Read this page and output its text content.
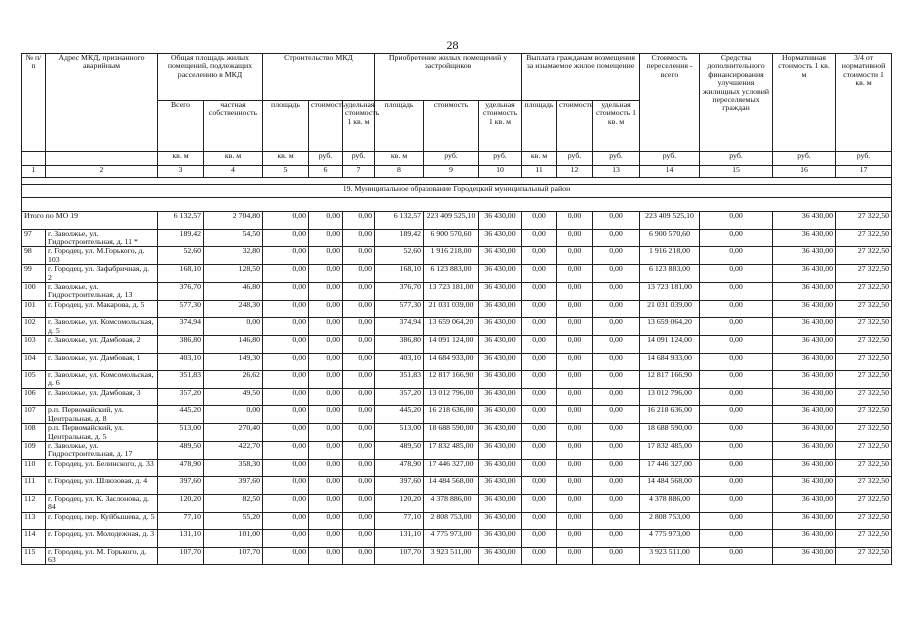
28
№ п/п	Адрес МКД, признанного аварийным	Общая площадь жилых помещений, подлежащих расселению в МКД		Строительство МКД			Приобретение жилых помещений у застройщиков			Выплата гражданам возмещения за изымаемое жилое помещение			Стоимость переселения - всего	Средства дополнительного финансирования улучшения жилищных условий переселяемых граждан	Нормативная стоимость 1 кв. м	3/4 от нормативной стоимости 1 кв. м
		Всего	частная собственность	площадь	стоимость	удельная стоимость 1 кв. м	площадь	стоимость	удельная стоимость 1 кв. м	площадь	стоимость	удельная стоимость 1 кв. м				
		кв. м	кв. м	кв. м	руб.	руб.	кв. м	руб.	руб.	кв. м	руб.	руб.	руб.	руб.	руб.	руб.
1	2	3	4	5	6	7	8	9	10	11	12	13	14	15	16	17

19. Муниципальное образование Городецкий муниципальный район																

Итого по МО 19		6 132,57	2 704,80	0,00	0,00	0,00	6 132,57	223 409 525,10	36 430,00	0,00	0,00	0,00	223 409 525,10	0,00	36 430,00	27 322,50
97	г. Заволжье, ул. Гидростроительная, д. 11 *	189,42	54,50	0,00	0,00	0,00	189,42	6 900 570,60	36 430,00	0,00	0,00	0,00	6 900 570,60	0,00	36 430,00	27 322,50
98	г. Городец, ул. М.Горького, д. 103	52,60	32,80	0,00	0,00	0,00	52,60	1 916 218,00	36 430,00	0,00	0,00	0,00	1 916 218,00	0,00	36 430,00	27 322,50
99	г. Городец, ул. Зафабричная, д. 2	168,10	128,50	0,00	0,00	0,00	168,10	6 123 883,00	36 430,00	0,00	0,00	0,00	6 123 883,00	0,00	36 430,00	27 322,50
100	г. Заволжье, ул. Гидростроительная, д. 13	376,70	46,80	0,00	0,00	0,00	376,70	13 723 181,00	36 430,00	0,00	0,00	0,00	13 723 181,00	0,00	36 430,00	27 322,50
101	г. Городец, ул. Макарова, д. 5	577,30	248,30	0,00	0,00	0,00	577,30	21 031 039,00	36 430,00	0,00	0,00	0,00	21 031 039,00	0,00	36 430,00	27 322,50
102	г. Заволжье, ул. Комсомольская, д. 5	374,94	0,00	0,00	0,00	0,00	374,94	13 659 064,20	36 430,00	0,00	0,00	0,00	13 659 064,20	0,00	36 430,00	27 322,50
103	г. Заволжье, ул. Дамбовая, 2	386,80	146,80	0,00	0,00	0,00	386,80	14 091 124,00	36 430,00	0,00	0,00	0,00	14 091 124,00	0,00	36 430,00	27 322,50
104	г. Заволжье, ул. Дамбовая, 1	403,10	149,30	0,00	0,00	0,00	403,10	14 684 933,00	36 430,00	0,00	0,00	0,00	14 684 933,00	0,00	36 430,00	27 322,50
105	г. Заволжье, ул. Комсомольская, д. 6	351,83	26,62	0,00	0,00	0,00	351,83	12 817 166,90	36 430,00	0,00	0,00	0,00	12 817 166,90	0,00	36 430,00	27 322,50
106	г. Заволжье, ул. Дамбовая, 3	357,20	49,50	0,00	0,00	0,00	357,20	13 012 796,00	36 430,00	0,00	0,00	0,00	13 012 796,00	0,00	36 430,00	27 322,50
107	р.п. Первомайский, ул. Центральная, д. 8	445,20	0,00	0,00	0,00	0,00	445,20	16 218 636,00	36 430,00	0,00	0,00	0,00	16 218 636,00	0,00	36 430,00	27 322,50
108	р.п. Первомайский, ул. Центральная, д. 5	513,00	270,40	0,00	0,00	0,00	513,00	18 688 590,00	36 430,00	0,00	0,00	0,00	18 688 590,00	0,00	36 430,00	27 322,50
109	г. Заволжье, ул. Гидростроительная, д. 17	489,50	422,70	0,00	0,00	0,00	489,50	17 832 485,00	36 430,00	0,00	0,00	0,00	17 832 485,00	0,00	36 430,00	27 322,50
110	г. Городец, ул. Белинского, д. 33	478,90	358,30	0,00	0,00	0,00	478,90	17 446 327,00	36 430,00	0,00	0,00	0,00	17 446 327,00	0,00	36 430,00	27 322,50
111	г. Городец, ул. Шлюзовая, д. 4	397,60	397,60	0,00	0,00	0,00	397,60	14 484 568,00	36 430,00	0,00	0,00	0,00	14 484 568,00	0,00	36 430,00	27 322,50
112	г. Городец, ул. К. Заслонова, д. 84	120,20	82,50	0,00	0,00	0,00	120,20	4 378 886,00	36 430,00	0,00	0,00	0,00	4 378 886,00	0,00	36 430,00	27 322,50
113	г. Городец, пер. Куйбышева, д. 5	77,10	55,20	0,00	0,00	0,00	77,10	2 808 753,00	36 430,00	0,00	0,00	0,00	2 808 753,00	0,00	36 430,00	27 322,50
114	г. Городец, ул. Молодежная, д. 3	131,10	101,00	0,00	0,00	0,00	131,10	4 775 973,00	36 430,00	0,00	0,00	0,00	4 775 973,00	0,00	36 430,00	27 322,50
115	г. Городец, ул. М. Горького, д. 63	107,70	107,70	0,00	0,00	0,00	107,70	3 923 511,00	36 430,00	0,00	0,00	0,00	3 923 511,00	0,00	36 430,00	27 322,50
